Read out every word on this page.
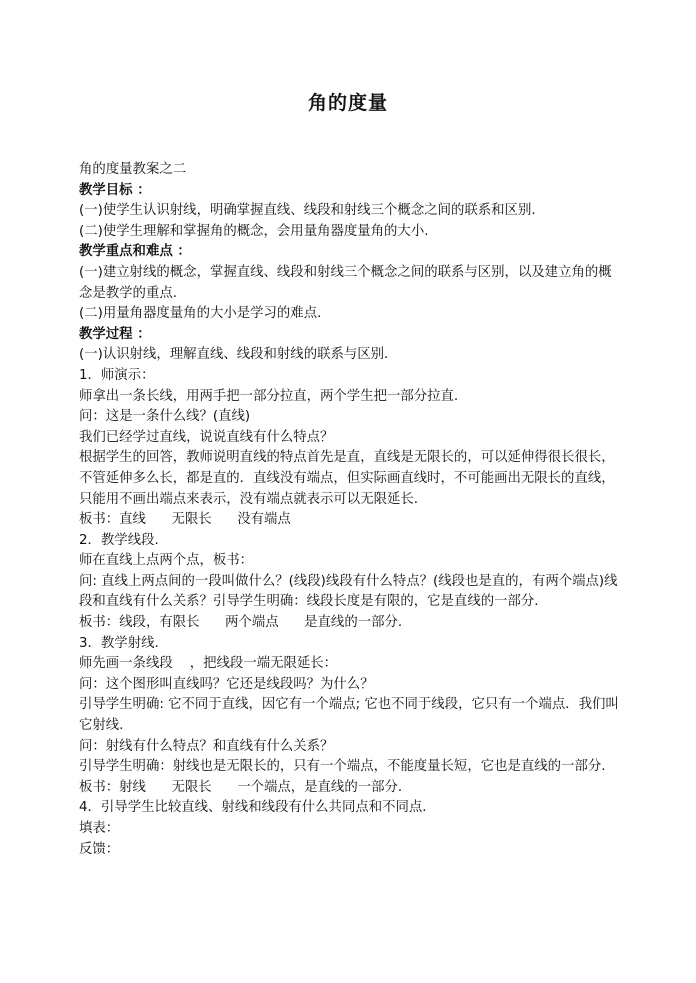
角的度量

角的度量教案之二

教学目标 ：

(一)使学生认识射线，明确掌握直线、线段和射线三个概念之间的联系和区别.

(二)使学生理解和掌握角的概念，会用量角器度量角的大小.

教学重点和难点 ：

(一)建立射线的概念，掌握直线、线段和射线三个概念之间的联系与区别，以及建立角的概念是教学的重点.

(二)用量角器度量角的大小是学习的难点.

教学过程 ：

(一)认识射线，理解直线、线段和射线的联系与区别.

1．师演示：

师拿出一条长线，用两手把一部分拉直，两个学生把一部分拉直.

问：这是一条什么线？(直线)

我们已经学过直线，说说直线有什么特点？

根据学生的回答，教师说明直线的特点首先是直，直线是无限长的，可以延伸得很长很长，不管延伸多么长，都是直的．直线没有端点，但实际画直线时，不可能画出无限长的直线，只能用不画出端点来表示，没有端点就表示可以无限延长.

板书：直线      无限长      没有端点

2．教学线段.

师在直线上点两个点，板书：

问: 直线上两点间的一段叫做什么？(线段)线段有什么特点？(线段也是直的，有两个端点)线段和直线有什么关系？引导学生明确：线段长度是有限的，它是直线的一部分.

板书：线段，有限长      两个端点      是直线的一部分.

3．教学射线.

师先画一条线段    ，把线段一端无限延长：

问：这个图形叫直线吗？它还是线段吗？为什么？

引导学生明确: 它不同于直线，因它有一个端点; 它也不同于线段，它只有一个端点．我们叫它射线.

问：射线有什么特点？和直线有什么关系？

引导学生明确：射线也是无限长的，只有一个端点，不能度量长短，它也是直线的一部分.

板书：射线      无限长      一个端点，是直线的一部分.

4．引导学生比较直线、射线和线段有什么共同点和不同点.

填表：

反馈：
